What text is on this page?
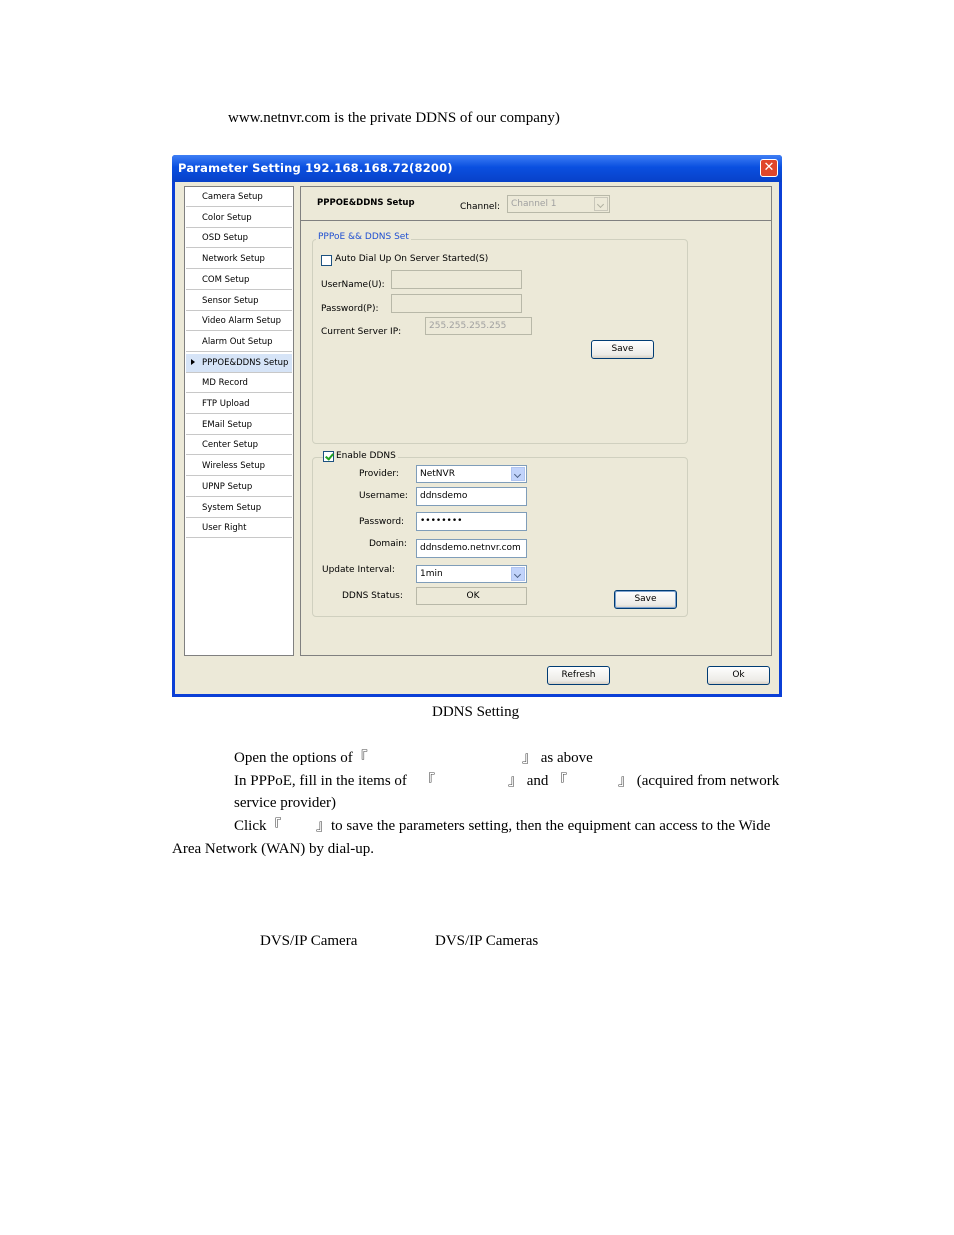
www.netnvr.com is the private DDNS of our company)
Parameter Setting 192.168.168.72(8200)	✕
Camera Setup
Color Setup
OSD Setup
Network Setup
COM Setup
Sensor Setup
Video Alarm Setup
Alarm Out Setup
PPPOE&DDNS Setup
MD Record
FTP Upload
EMail Setup
Center Setup
Wireless Setup
UPNP Setup
System Setup
User Right
PPPOE&DDNS Setup	Channel:	Channel 1
PPPoE && DDNS Set
Auto Dial Up On Server Started(S)
UserName(U):
Password(P):
Current Server IP:
255.255.255.255
Save
Enable DDNS
Provider:	NetNVR
Username:	ddnsdemo
Password:	••••••••
Domain:	ddnsdemo.netnvr.com
Update Interval:	1min
DDNS Status:	OK	Save
Refresh	Ok
DDNS Setting
Open the options of『	』 as above
In PPPoE, fill in the items of 『	』 and 『	』 (acquired from network
service provider)
Click『 』to save the parameters setting, then the equipment can access to the Wide
Area Network (WAN) by dial-up.
DVS/IP Camera	DVS/IP Cameras
